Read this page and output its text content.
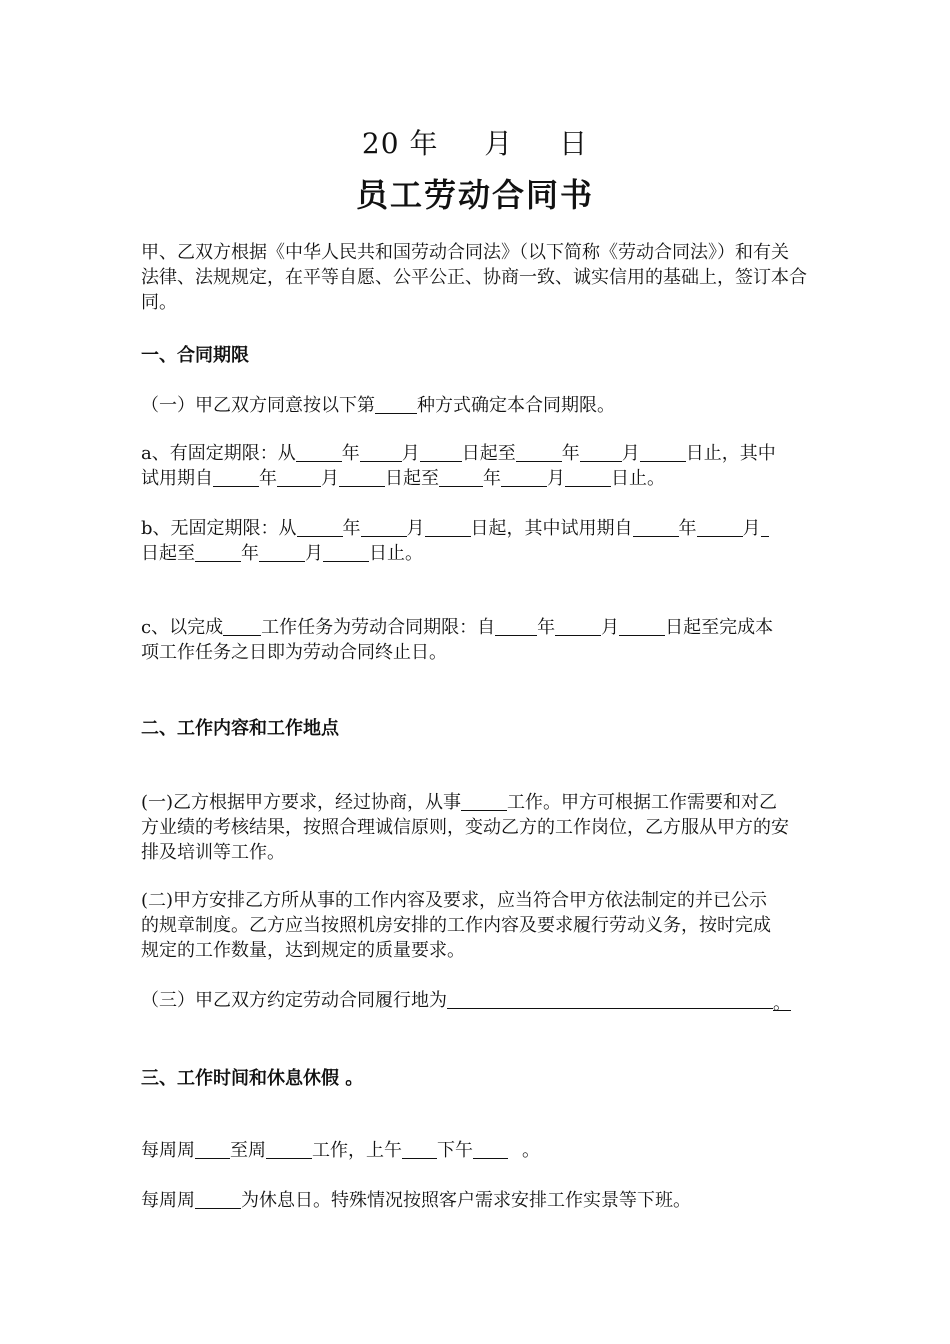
20 年 月 日
员工劳动合同书
甲、乙双方根据《中华人民共和国劳动合同法》（以下简称《劳动合同法》）和有关
法律、法规规定，在平等自愿、公平公正、协商一致、诚实信用的基础上，签订本合
同。
一、合同期限
（一）甲乙双方同意按以下第 种方式确定本合同期限。
a、有固定期限：从	年 月 日起至	年 月	日止，其中
试用期自	年 月	日起至 年	月	日止。
b、无固定期限：从	年	月	日起，其中试用期自	年	月
日起至	年	月	日止。
c、以完成 工作任务为劳动合同期限：自 年	月	日起至完成本
项工作任务之日即为劳动合同终止日。
二、工作内容和工作地点
(一)乙方根据甲方要求，经过协商，从事	工作。甲方可根据工作需要和对乙
方业绩的考核结果，按照合理诚信原则，变动乙方的工作岗位，乙方服从甲方的安
排及培训等工作。
(二)甲方安排乙方所从事的工作内容及要求，应当符合甲方依法制定的并已公示
的规章制度。乙方应当按照机房安排的工作内容及要求履行劳动义务，按时完成
规定的工作数量，达到规定的质量要求。
（三）甲乙双方约定劳动合同履行地为	。
三、工作时间和休息休假 。
每周周 至周	工作，上午 下午	。
每周周	为休息日。特殊情况按照客户需求安排工作实景等下班。
